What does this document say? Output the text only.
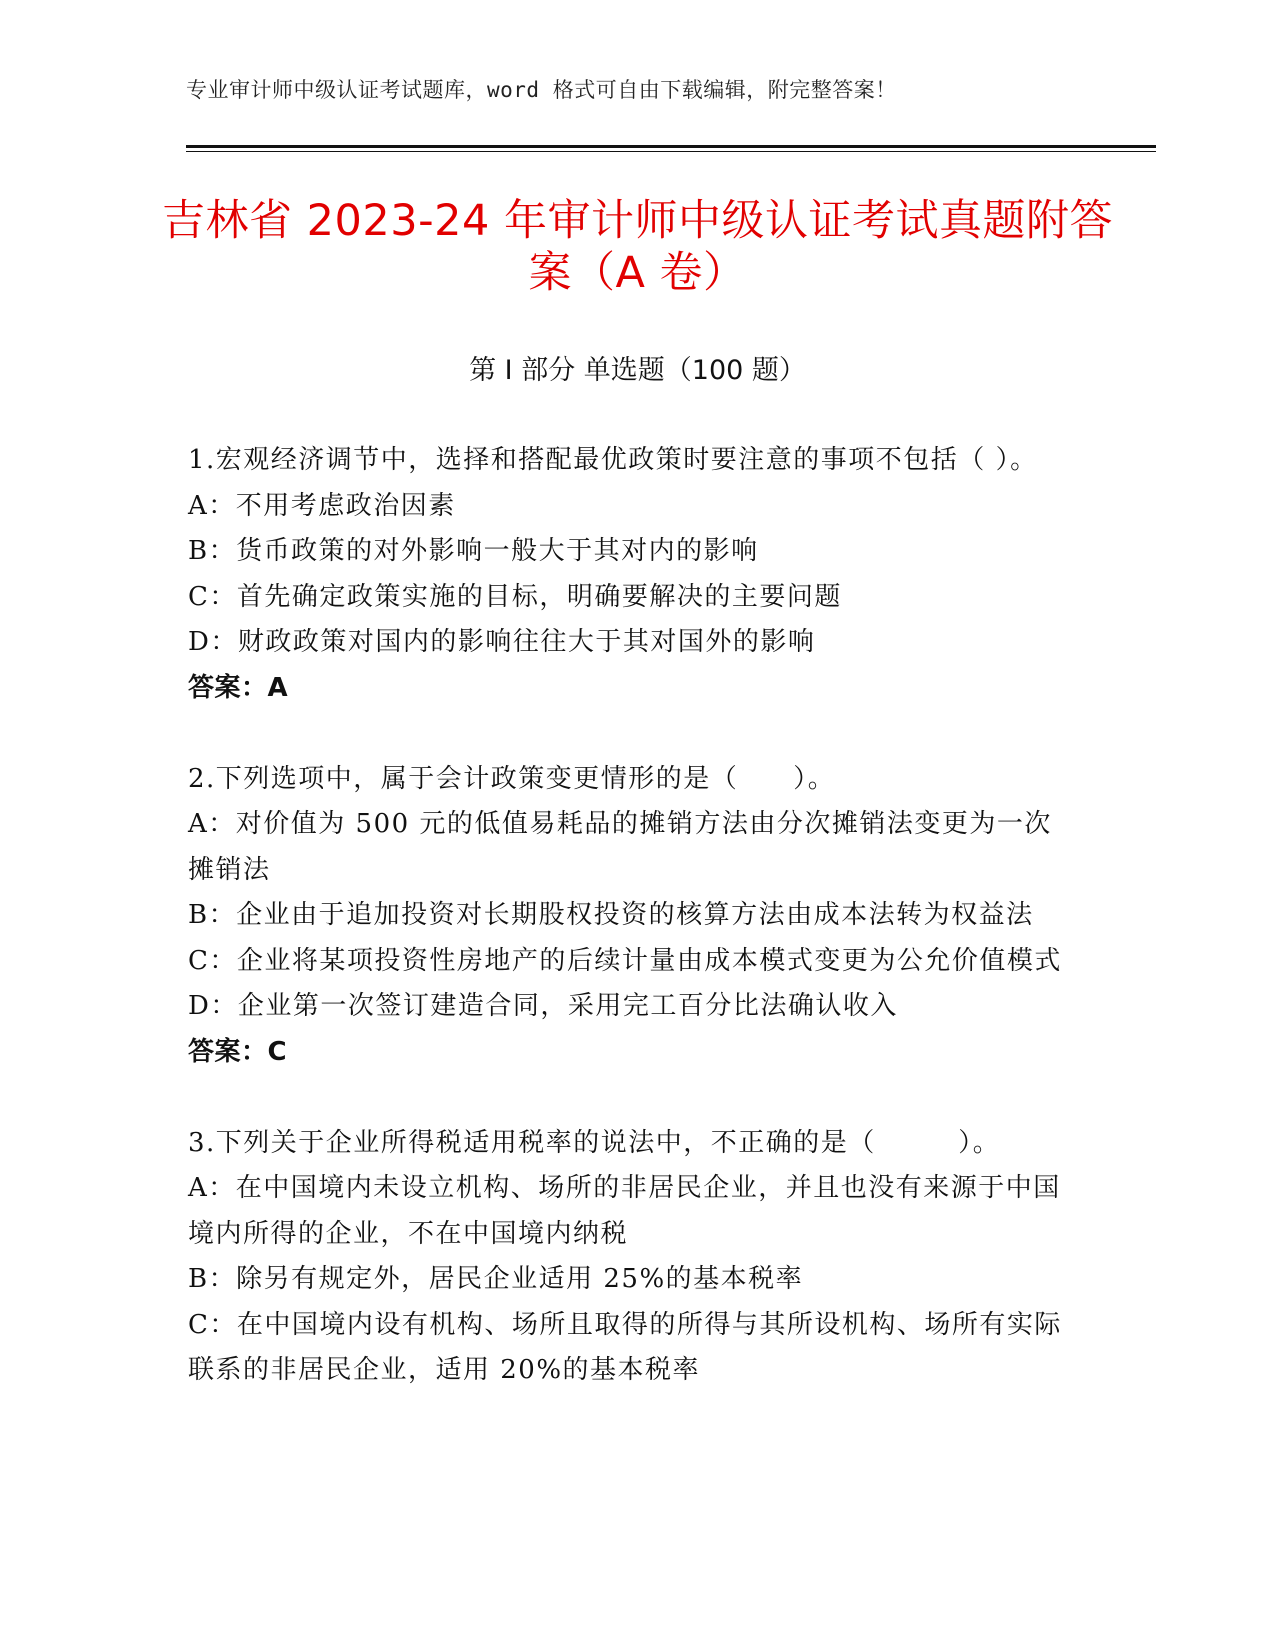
专业审计师中级认证考试题库，word 格式可自由下载编辑，附完整答案！
吉林省 2023-24 年审计师中级认证考试真题附答案（A 卷）
第 I 部分 单选题（100 题）

1.宏观经济调节中，选择和搭配最优政策时要注意的事项不包括（ ）。

A：不用考虑政治因素

B：货币政策的对外影响一般大于其对内的影响

C：首先确定政策实施的目标，明确要解决的主要问题

D：财政政策对国内的影响往往大于其对国外的影响

答案：A

2.下列选项中，属于会计政策变更情形的是（　　）。

A：对价值为 500 元的低值易耗品的摊销方法由分次摊销法变更为一次摊销法

B：企业由于追加投资对长期股权投资的核算方法由成本法转为权益法

C：企业将某项投资性房地产的后续计量由成本模式变更为公允价值模式

D：企业第一次签订建造合同，采用完工百分比法确认收入

答案：C

3.下列关于企业所得税适用税率的说法中，不正确的是（　　　）。

A：在中国境内未设立机构、场所的非居民企业，并且也没有来源于中国境内所得的企业，不在中国境内纳税

B：除另有规定外，居民企业适用 25%的基本税率

C：在中国境内设有机构、场所且取得的所得与其所设机构、场所有实际联系的非居民企业，适用 20%的基本税率
